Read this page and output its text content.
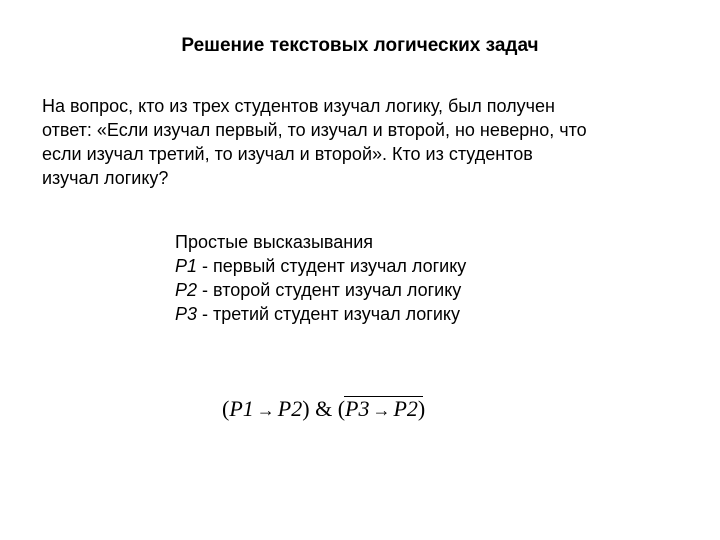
Решение текстовых логических задач

На вопрос, кто из трех студентов изучал логику, был получен

ответ: «Если изучал первый, то изучал и второй, но неверно, что

если изучал третий, то изучал и второй». Кто из студентов

изучал логику?

Простые высказывания
P1 - первый студент изучал логику
P2 - второй студент изучал логику
P3 - третий студент изучал логику
(P1 → P2) & (P3 → P2)
